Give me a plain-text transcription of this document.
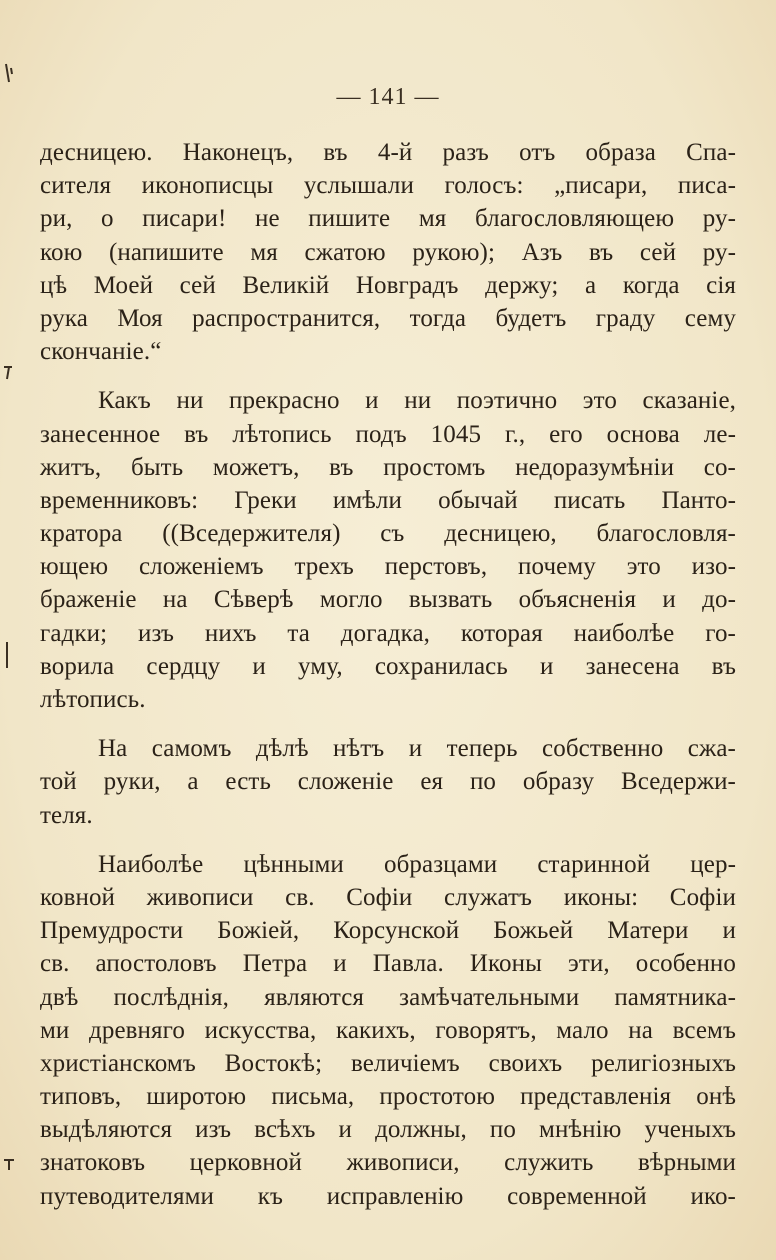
— 141 —
десницею. Наконецъ, въ 4-й разъ отъ образа Спа-
сителя иконописцы услышали голосъ: „писари, писа-
ри, о писари! не пишите мя благословляющею ру-
кою (напишите мя сжатою рукою); Азъ въ сей ру-
цѣ Моей сей Великій Новградъ держу; а когда сія
рука Моя распространится, тогда будетъ граду сему
скончаніе.“
Какъ ни прекрасно и ни поэтично это сказаніе,
занесенное въ лѣтопись подъ 1045 г., его основа ле-
житъ, быть можетъ, въ простомъ недоразумѣніи со-
временниковъ: Греки имѣли обычай писать Панто-
кратора ((Вседержителя) съ десницею, благословля-
ющею сложеніемъ трехъ перстовъ, почему это изо-
браженіе на Сѣверѣ могло вызвать объясненія и до-
гадки; изъ нихъ та догадка, которая наиболѣе го-
ворила сердцу и уму, сохранилась и занесена въ
лѣтопись.
На самомъ дѣлѣ нѣтъ и теперь собственно сжа-
той руки, а есть сложеніе ея по образу Вседержи-
теля.
Наиболѣе цѣнными образцами старинной цер-
ковной живописи св. Софіи служатъ иконы: Софіи
Премудрости Божіей, Корсунской Божьей Матери и
св. апостоловъ Петра и Павла. Иконы эти, особенно
двѣ послѣднія, являются замѣчательными памятника-
ми древняго искусства, какихъ, говорятъ, мало на всемъ
христіанскомъ Востокѣ; величіемъ своихъ религіозныхъ
типовъ, широтою письма, простотою представленія онѣ
выдѣляются изъ всѣхъ и должны, по мнѣнію ученыхъ
знатоковъ церковной живописи, служить вѣрными
путеводителями къ исправленію современной ико-
